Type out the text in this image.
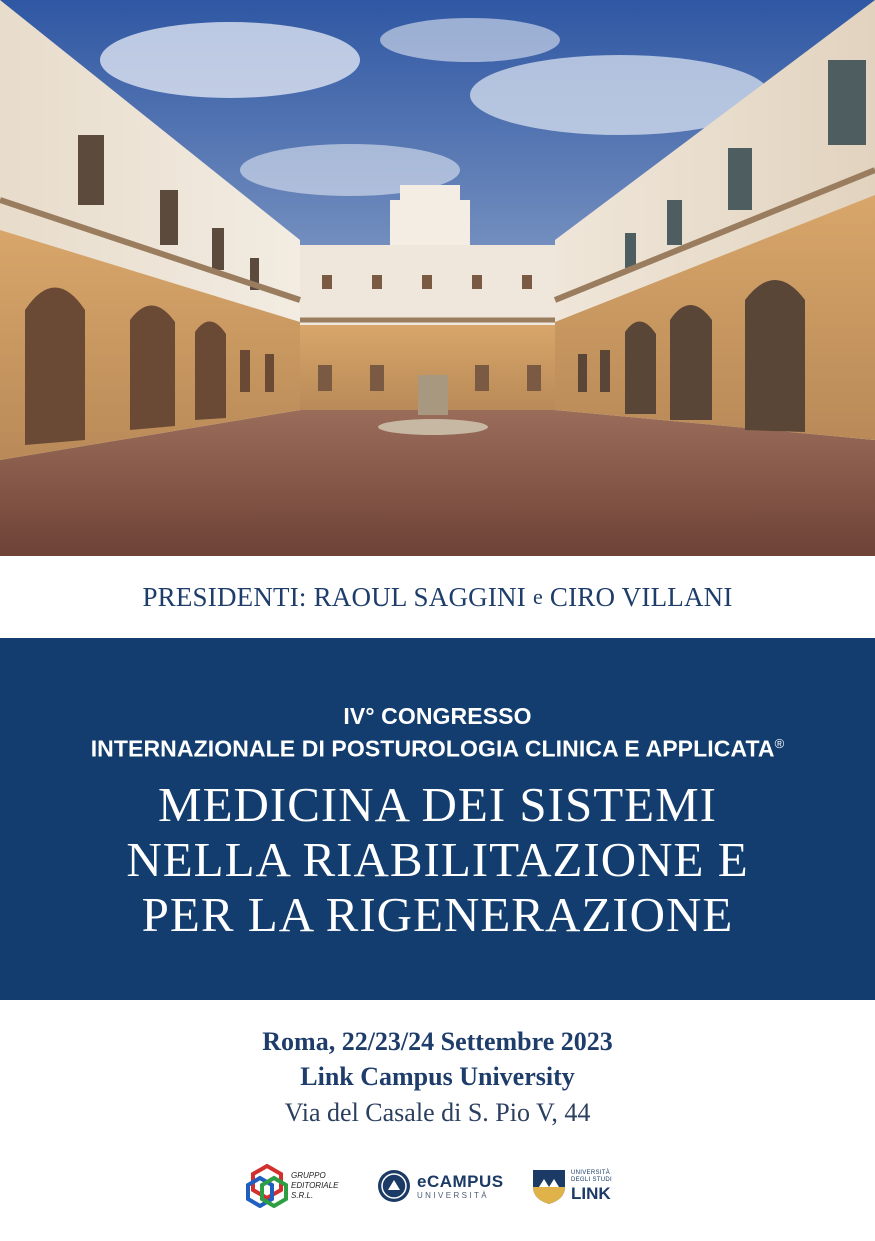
PRESIDENTI: RAOUL SAGGINI e CIRO VILLANI
IV° CONGRESSO
INTERNAZIONALE DI POSTUROLOGIA CLINICA E APPLICATA®
MEDICINA DEI SISTEMI
NELLA RIABILITAZIONE E
PER LA RIGENERAZIONE
Roma, 22/23/24 Settembre 2023
Link Campus University
Via del Casale di S. Pio V, 44
GRUPPO
EDITORIALE
S.R.L.
eCAMPUS
UNIVERSITÀ
UNIVERSITÀ
DEGLI STUDI
LINK
